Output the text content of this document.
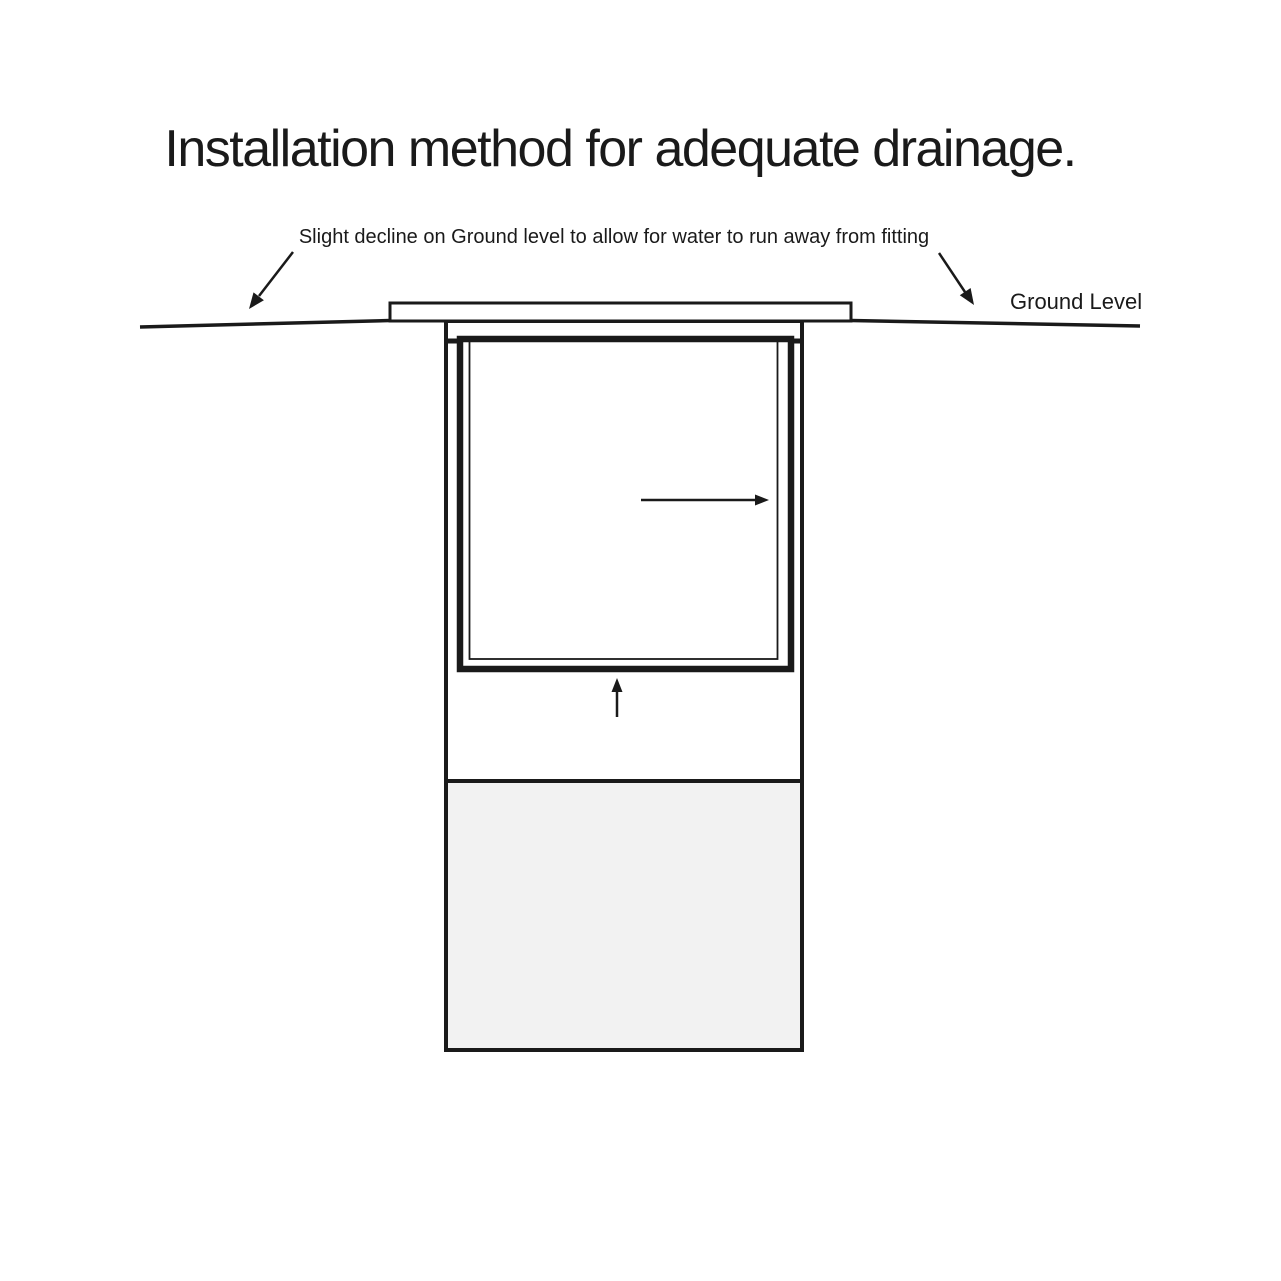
Installation method for adequate drainage.
Slight decline on Ground level to allow for water to run away from fitting
Ground Level
